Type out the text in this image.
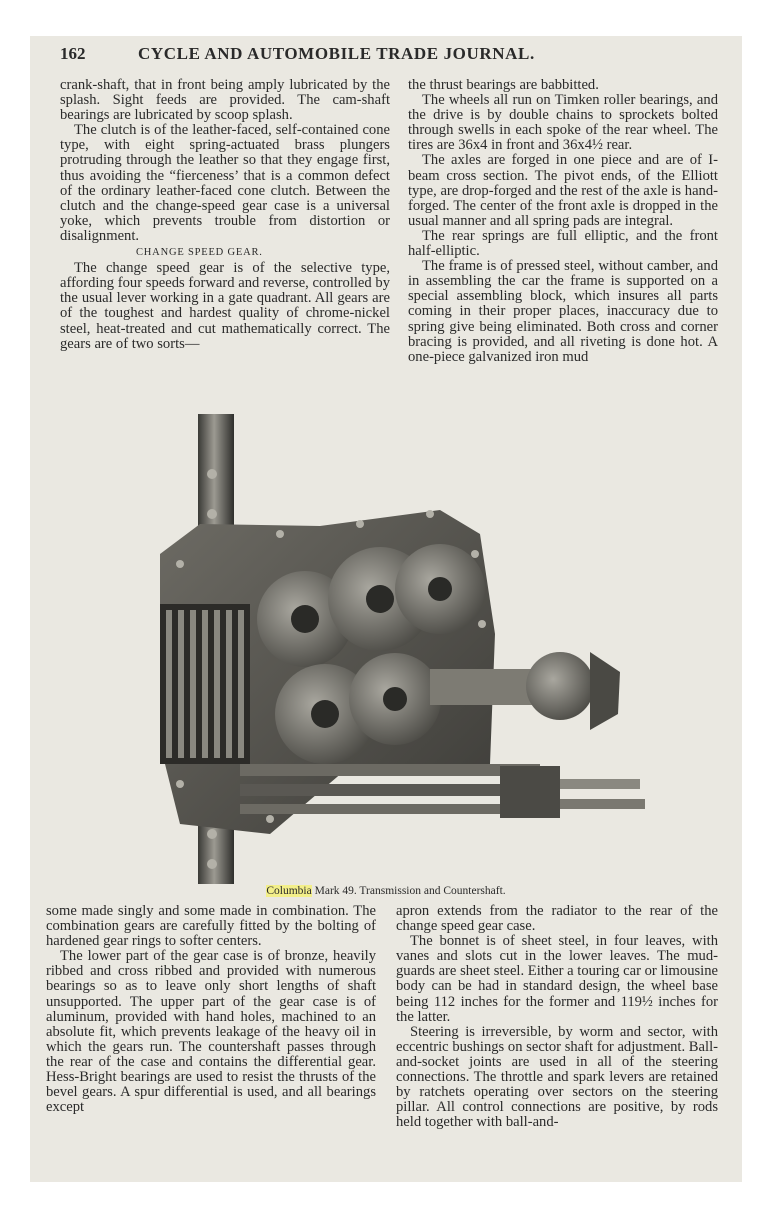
162	CYCLE AND AUTOMOBILE TRADE JOURNAL.

crank-shaft, that in front being amply lubricated by the splash. Sight feeds are provided. The cam-shaft bearings are lubricated by scoop splash.

The clutch is of the leather-faced, self-contained cone type, with eight spring-actuated brass plungers protruding through the leather so that they engage first, thus avoiding the “fierceness’ that is a common defect of the ordinary leather-faced cone clutch. Between the clutch and the change-speed gear case is a universal yoke, which prevents trouble from distortion or disalignment.

CHANGE SPEED GEAR.

The change speed gear is of the selective type, affording four speeds forward and reverse, controlled by the usual lever working in a gate quadrant. All gears are of the toughest and hardest quality of chrome-nickel steel, heat-treated and cut mathematically correct. The gears are of two sorts—

the thrust bearings are babbitted.

The wheels all run on Timken roller bearings, and the drive is by double chains to sprockets bolted through swells in each spoke of the rear wheel. The tires are 36x4 in front and 36x4½ rear.

The axles are forged in one piece and are of I-beam cross section. The pivot ends, of the Elliott type, are drop-forged and the rest of the axle is hand-forged. The center of the front axle is dropped in the usual manner and all spring pads are integral.

The rear springs are full elliptic, and the front half-elliptic.

The frame is of pressed steel, without camber, and in assembling the car the frame is supported on a special assembling block, which insures all parts coming in their proper places, inaccuracy due to spring give being eliminated. Both cross and corner bracing is provided, and all riveting is done hot. A one-piece galvanized iron mud

Columbia Mark 49. Transmission and Countershaft.

some made singly and some made in combination. The combination gears are carefully fitted by the bolting of hardened gear rings to softer centers.

The lower part of the gear case is of bronze, heavily ribbed and cross ribbed and provided with numerous bearings so as to leave only short lengths of shaft unsupported. The upper part of the gear case is of aluminum, provided with hand holes, machined to an absolute fit, which prevents leakage of the heavy oil in which the gears run. The countershaft passes through the rear of the case and contains the differential gear. Hess-Bright bearings are used to resist the thrusts of the bevel gears. A spur differential is used, and all bearings except

apron extends from the radiator to the rear of the change speed gear case.

The bonnet is of sheet steel, in four leaves, with vanes and slots cut in the lower leaves. The mud-guards are sheet steel. Either a touring car or limousine body can be had in standard design, the wheel base being 112 inches for the former and 119½ inches for the latter.

Steering is irreversible, by worm and sector, with eccentric bushings on sector shaft for adjustment. Ball-and-socket joints are used in all of the steering connections. The throttle and spark levers are retained by ratchets operating over sectors on the steering pillar. All control connections are positive, by rods held together with ball-and-
